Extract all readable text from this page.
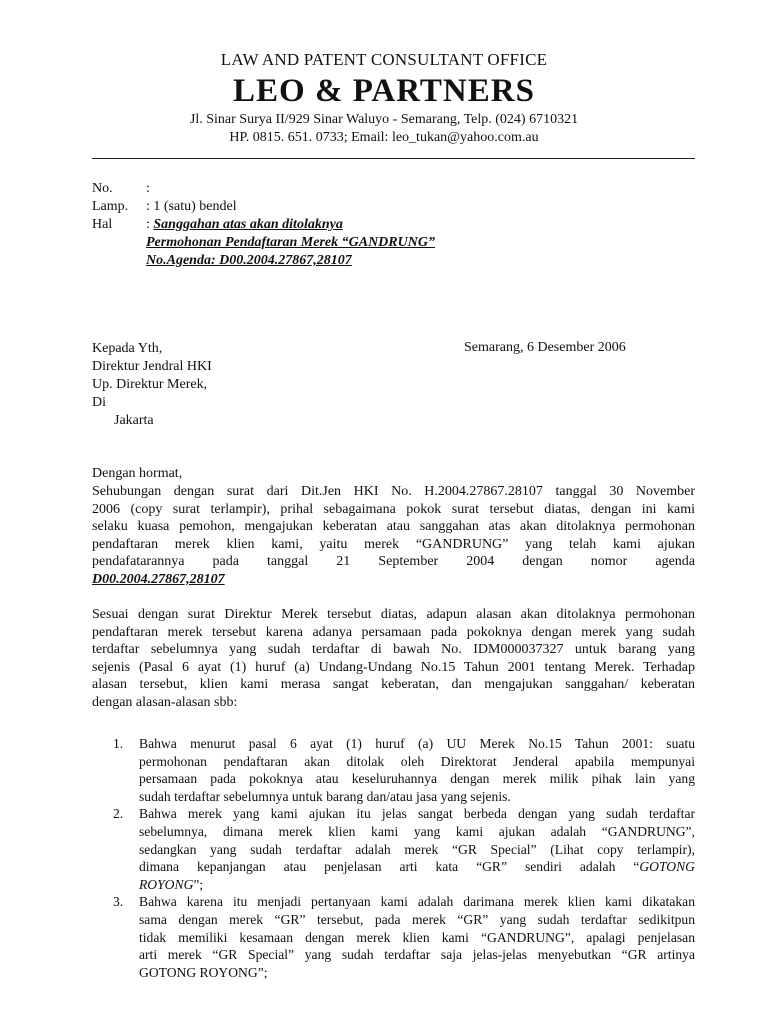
LAW AND PATENT CONSULTANT OFFICE
LEO & PARTNERS
Jl. Sinar Surya II/929 Sinar Waluyo - Semarang, Telp. (024) 6710321
HP. 0815. 651. 0733; Email: leo_tukan@yahoo.com.au
No. :
Lamp. : 1 (satu) bendel
Hal : Sanggahan atas akan ditolaknya
Permohonan Pendaftaran Merek “GANDRUNG”
No.Agenda: D00.2004.27867,28107
Kepada Yth,
Direktur Jendral HKI
Up. Direktur Merek,
Di
Jakarta
Semarang, 6 Desember 2006
Dengan hormat,
Sehubungan dengan surat dari Dit.Jen HKI No. H.2004.27867.28107 tanggal 30 November
2006 (copy surat terlampir), prihal sebagaimana pokok surat tersebut diatas, dengan ini kami
selaku kuasa pemohon, mengajukan keberatan atau sanggahan atas akan ditolaknya permohonan
pendaftaran merek klien kami, yaitu merek “GANDRUNG” yang telah kami ajukan
pendafatarannya pada tanggal 21 September 2004 dengan nomor agenda
D00.2004.27867,28107
Sesuai dengan surat Direktur Merek tersebut diatas, adapun alasan akan ditolaknya permohonan
pendaftaran merek tersebut karena adanya persamaan pada pokoknya dengan merek yang sudah
terdaftar sebelumnya yang sudah terdaftar di bawah No. IDM000037327 untuk barang yang
sejenis (Pasal 6 ayat (1) huruf (a) Undang-Undang No.15 Tahun 2001 tentang Merek. Terhadap
alasan tersebut, klien kami merasa sangat keberatan, dan mengajukan sanggahan/ keberatan
dengan alasan-alasan sbb:
1. Bahwa menurut pasal 6 ayat (1) huruf (a) UU Merek No.15 Tahun 2001: suatu
permohonan pendaftaran akan ditolak oleh Direktorat Jenderal apabila mempunyai
persamaan pada pokoknya atau keseluruhannya dengan merek milik pihak lain yang
sudah terdaftar sebelumnya untuk barang dan/atau jasa yang sejenis.
2. Bahwa merek yang kami ajukan itu jelas sangat berbeda dengan yang sudah terdaftar
sebelumnya, dimana merek klien kami yang kami ajukan adalah “GANDRUNG”,
sedangkan yang sudah terdaftar adalah merek “GR Special” (Lihat copy terlampir),
dimana kepanjangan atau penjelasan arti kata “GR” sendiri adalah “GOTONG
ROYONG”;
3. Bahwa karena itu menjadi pertanyaan kami adalah darimana merek klien kami dikatakan
sama dengan merek “GR” tersebut, pada merek “GR” yang sudah terdaftar sedikitpun
tidak memiliki kesamaan dengan merek klien kami “GANDRUNG”, apalagi penjelasan
arti merek “GR Special” yang sudah terdaftar saja jelas-jelas menyebutkan “GR artinya
GOTONG ROYONG”;
